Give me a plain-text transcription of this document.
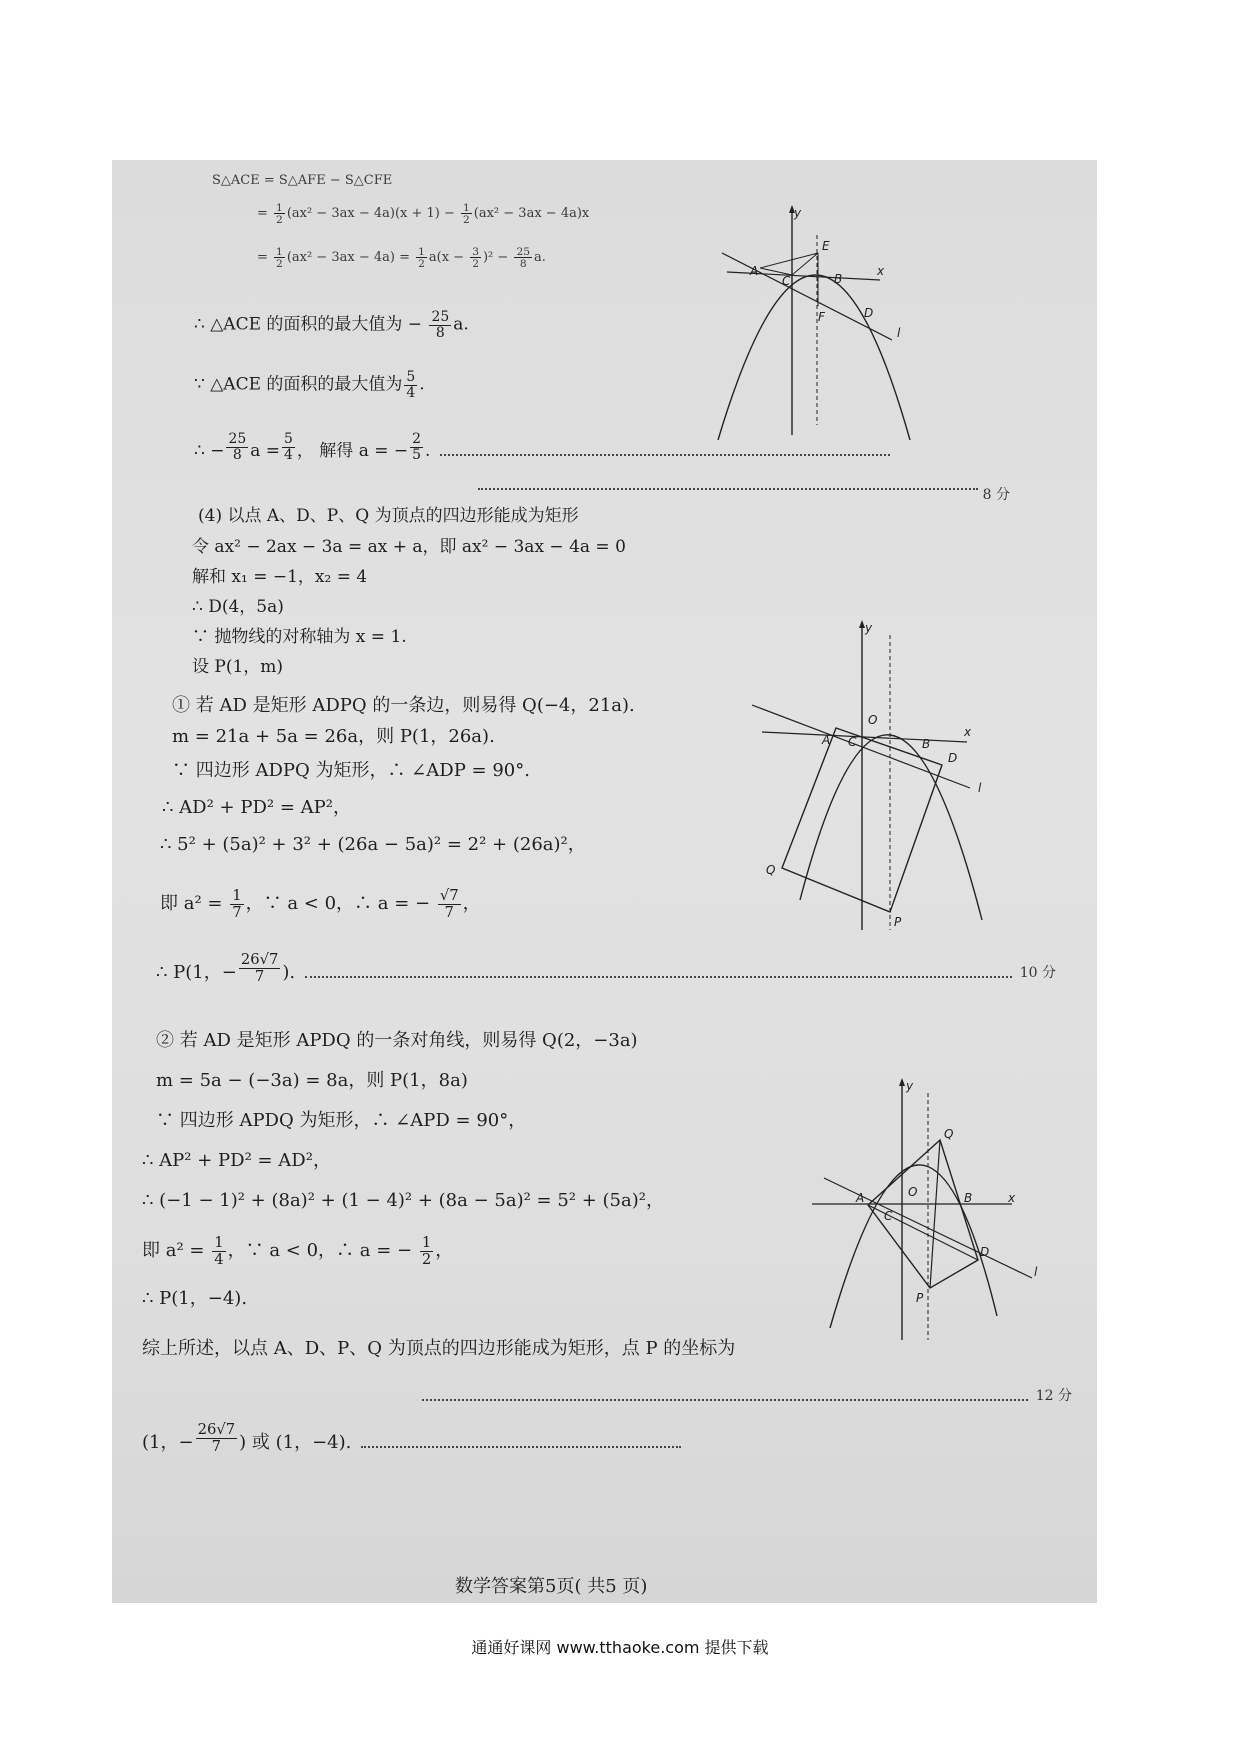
S△ACE = S△AFE − S△CFE
= $\frac{1}{2} (ax^2 - 3ax - 4a)(x + 1) - \frac{1}{2} (ax^2 - 3ax - 4a)x$
= $\frac{1}{2} (ax^2 - 3ax - 4a) = \frac{1}{2} a(x - \frac{3}{2} )^2 - \frac{25}{8} a$.
∴ △ACE 的面积的最大值为 − $\frac{25}{8} a$.
∵ △ACE 的面积的最大值为 $\frac{5}{4}$ .
∴ − $\frac{25}{8}$ $a = \frac{5}{4}$ ， 解得 a = − $\frac{2}{5}$ .
8 分
(4) 以点 A、D、P、Q 为顶点的四边形能成为矩形
令 ax² − 2ax − 3a = ax + a，即 ax² − 3ax − 4a = 0
解和 x₁ = −1，x₂ = 4
∴ D(4，5a)
∵ 抛物线的对称轴为 x = 1.
设 P(1，m)
① 若 AD 是矩形 ADPQ 的一条边，则易得 Q(−4，21a).
m = 21a + 5a = 26a，则 P(1，26a).
∵ 四边形 ADPQ 为矩形，∴ ∠ADP = 90°.
∴ AD² + PD² = AP²，
∴ 5² + (5a)² + 3² + (26a − 5a)² = 2² + (26a)²，
即 $a^2 = \frac{1}{7}$ ，∵ a < 0，∴ a = − $\frac{√7}{7}$ ，
∴ P(1，− $\frac{26√7}{7}$ ).	10 分
② 若 AD 是矩形 APDQ 的一条对角线，则易得 Q(2，−3a)
m = 5a − (−3a) = 8a，则 P(1，8a)
∵ 四边形 APDQ 为矩形，∴ ∠APD = 90°，
∴ AP² + PD² = AD²，
∴ (−1 − 1)² + (8a)² + (1 − 4)² + (8a − 5a)² = 5² + (5a)²，
即 $a^2 = \frac{1}{4}$ ，∵ a < 0，∴ a = − $\frac{1}{2}$ ，
∴ P(1，−4).
综上所述，以点 A、D、P、Q 为顶点的四边形能成为矩形，点 P 的坐标为
12 分
(1，− $\frac{26√7}{7}$ ) 或 (1，−4).
y
A
C
E
B
x
F	D
l
y
O
x
A C	B
D
l
Q
P
y
Q
A	O	B	x
C
D
l
P
数学答案第5页( 共5 页)
通通好课网 www.tthaoke.com 提供下载
